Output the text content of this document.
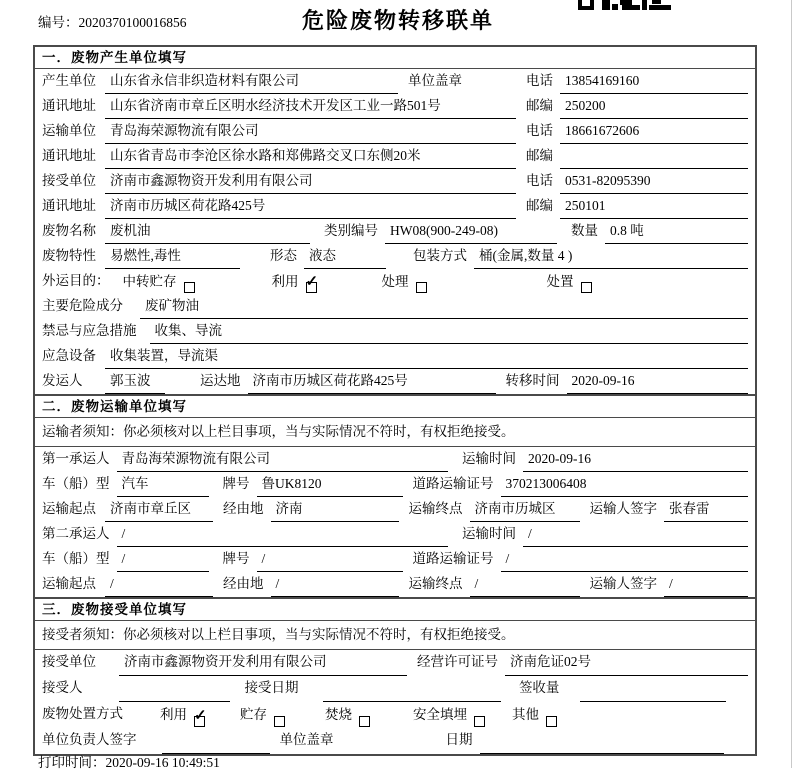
编号：2020370100016856	危险废物转移联单
一．废物产生单位填写
产生单位	山东省永信非织造材料有限公司	单位盖章	电话 13854169160
通讯地址	山东省济南市章丘区明水经济技术开发区工业一路501号	邮编 250200
运输单位	青岛海荣源物流有限公司	电话 18661672606
通讯地址	山东省青岛市李沧区徐水路和郑佛路交叉口东侧20米	邮编
接受单位	济南市鑫源物资开发利用有限公司	电话 0531-82095390
通讯地址	济南市历城区荷花路425号	邮编 250101
废物名称	废机油	类别编号 HW08(900-249-08)	数量 0.8 吨
废物特性	易燃性,毒性	形态 液态	包装方式 桶(金属,数量 4 )
外运目的： 中转贮存	利用 ✓	处理	处置
主要危险成分	废矿物油
禁忌与应急措施	收集、导流
应急设备	收集装置，导流渠
发运人	郭玉波	运达地 济南市历城区荷花路425号	转移时间 2020-09-16
二．废物运输单位填写
运输者须知：你必须核对以上栏目事项，当与实际情况不符时，有权拒绝接受。
第一承运人 青岛海荣源物流有限公司	运输时间 2020-09-16
车（船）型 汽车	牌号 鲁UK8120	道路运输证号 370213006408
运输起点	济南市章丘区	经由地 济南	运输终点 济南市历城区	运输人签字 张春雷
第二承运人 /	运输时间 /
车（船）型 /	牌号 /	道路运输证号 /
运输起点	/	经由地 /	运输终点 /	运输人签字 /
三．废物接受单位填写
接受者须知：你必须核对以上栏目事项，当与实际情况不符时，有权拒绝接受。
接受单位	济南市鑫源物资开发利用有限公司	经营许可证号 济南危证02号
接受人	接受日期	签收量
废物处置方式	利用 ✓	贮存	焚烧	安全填埋	其他
单位负责人签字	单位盖章	日期
打印时间：2020-09-16 10:49:51
